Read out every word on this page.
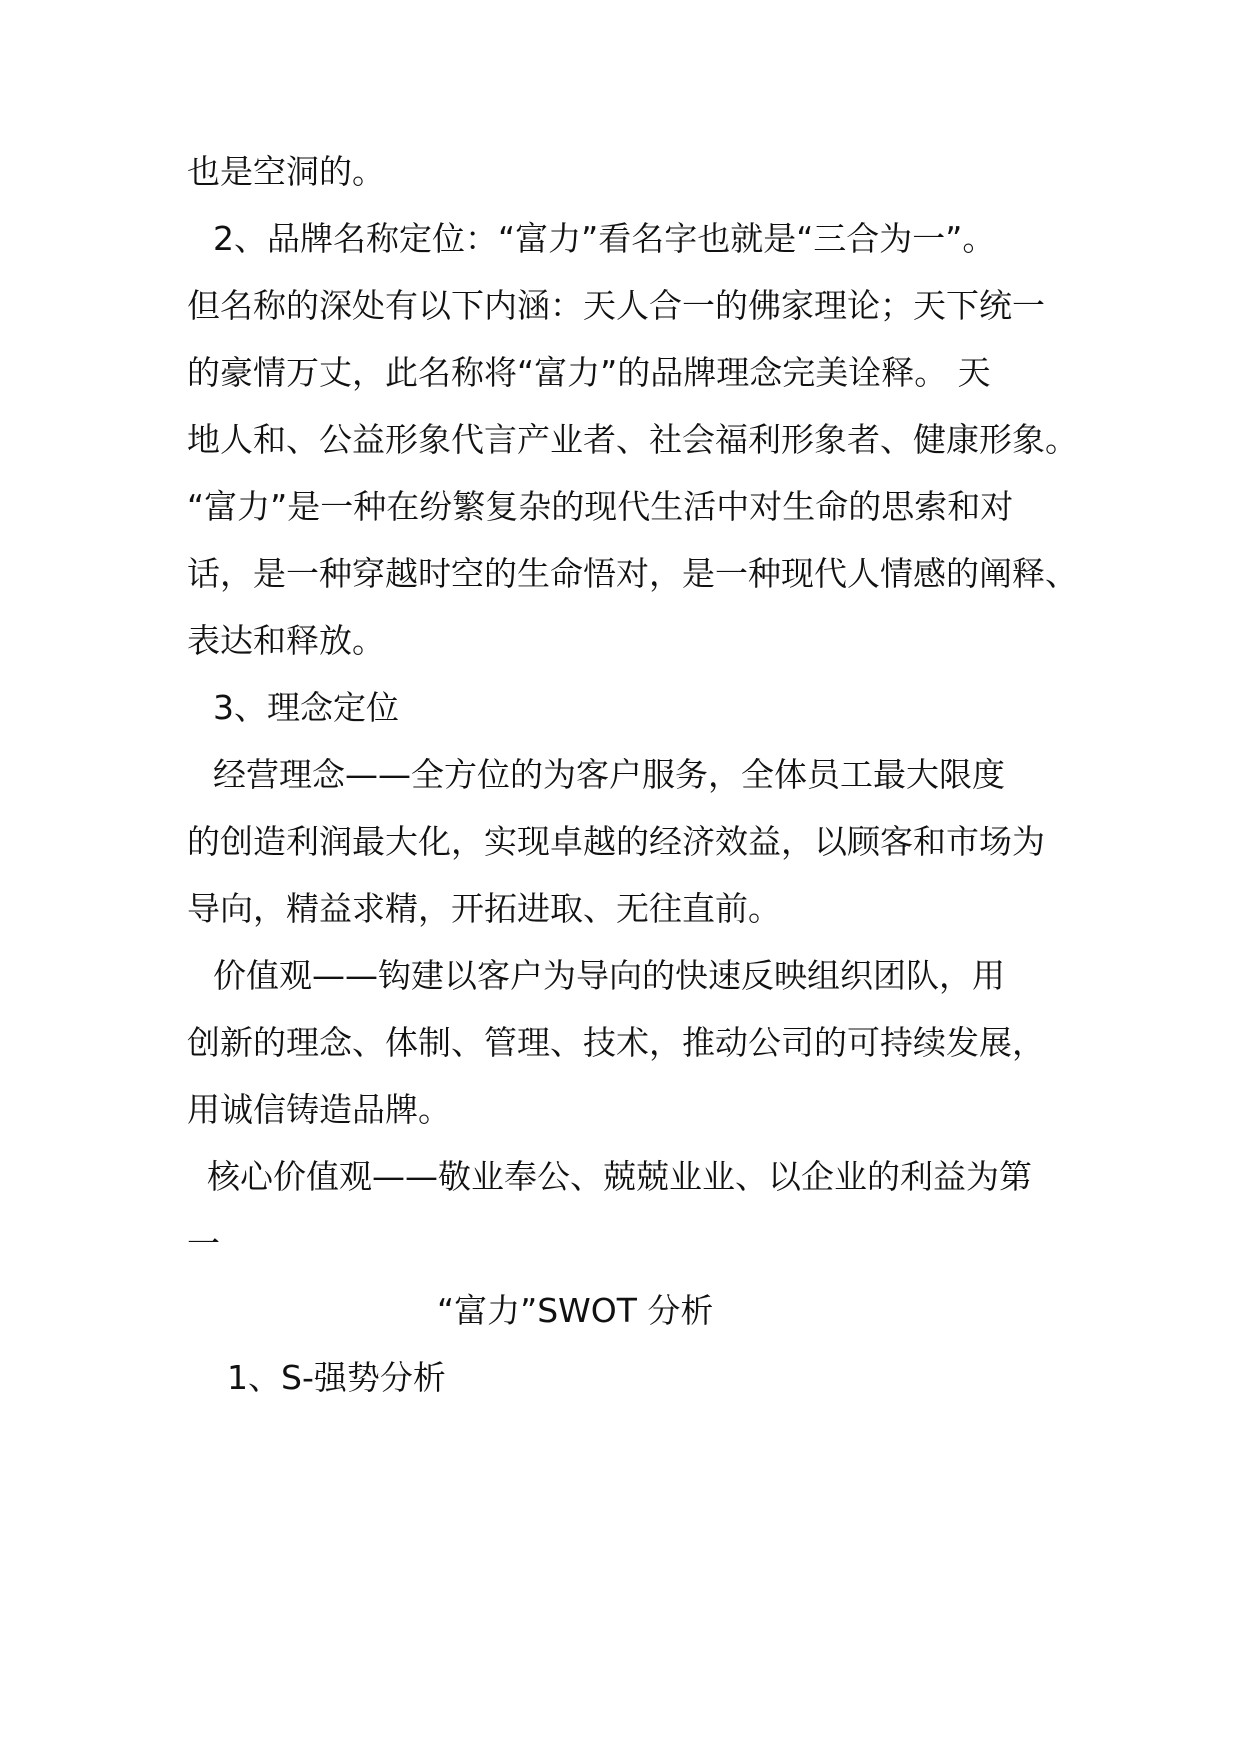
也是空洞的。
2、品牌名称定位：“富力”看名字也就是“三合为一”。
但名称的深处有以下内涵：天人合一的佛家理论；天下统一
的豪情万丈，此名称将“富力”的品牌理念完美诠释。 天
地人和、公益形象代言产业者、社会福利形象者、健康形象。
“富力”是一种在纷繁复杂的现代生活中对生命的思索和对
话，是一种穿越时空的生命悟对，是一种现代人情感的阐释、
表达和释放。
3、理念定位
经营理念——全方位的为客户服务，全体员工最大限度
的创造利润最大化，实现卓越的经济效益，以顾客和市场为
导向，精益求精，开拓进取、无往直前。
价值观——钩建以客户为导向的快速反映组织团队，用
创新的理念、体制、管理、技术，推动公司的可持续发展，
用诚信铸造品牌。
核心价值观——敬业奉公、兢兢业业、以企业的利益为第
一
“富力”SWOT 分析
1、S-强势分析
